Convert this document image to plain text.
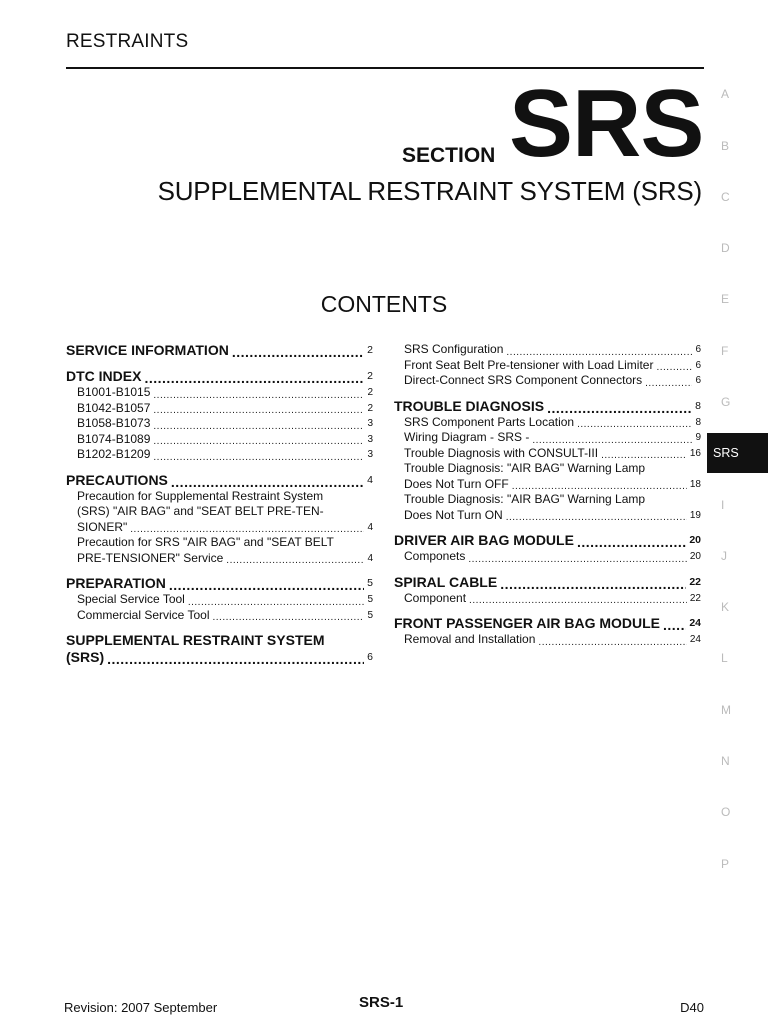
RESTRAINTS
SECTION SRS
SUPPLEMENTAL RESTRAINT SYSTEM (SRS)
CONTENTS
SERVICE INFORMATION .....	2
DTC INDEX .....	2
B1001-B1015 .....	2
B1042-B1057 .....	2
B1058-B1073 .....	3
B1074-B1089 .....	3
B1202-B1209 .....	3
PRECAUTIONS .....	4
Precaution for Supplemental Restraint System
(SRS) "AIR BAG" and "SEAT BELT PRE-TEN-
SIONER" .....	4
Precaution for SRS "AIR BAG" and "SEAT BELT
PRE-TENSIONER" Service .....	4
PREPARATION .....	5
Special Service Tool .....	5
Commercial Service Tool .....	5
SUPPLEMENTAL RESTRAINT SYSTEM
(SRS) .....	6
SRS Configuration .....	6
Front Seat Belt Pre-tensioner with Load Limiter .....	6
Direct-Connect SRS Component Connectors .....	6
TROUBLE DIAGNOSIS .....	8
SRS Component Parts Location .....	8
Wiring Diagram - SRS - .....	9
Trouble Diagnosis with CONSULT-III .....	16
Trouble Diagnosis: "AIR BAG" Warning Lamp
Does Not Turn OFF .....	18
Trouble Diagnosis: "AIR BAG" Warning Lamp
Does Not Turn ON .....	19
DRIVER AIR BAG MODULE .....	20
Componets .....	20
SPIRAL CABLE .....	22
Component .....	22
FRONT PASSENGER AIR BAG MODULE .....	24
Removal and Installation .....	24
A
B
C
D
E
F
G
SRS
I
J
K
L
M
N
O
P
Revision: 2007 September	SRS-1	D40
